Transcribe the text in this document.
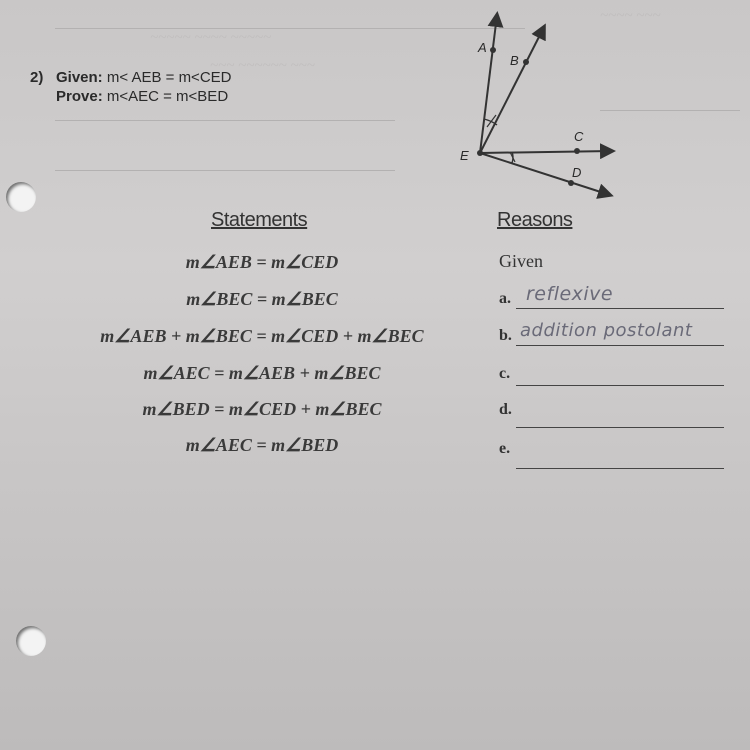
~~~~~ ~~~~ ~~~~~
~~~ ~~~~~~ ~~~
~~~~ ~~~
2) Given: m< AEB = m<CED
Prove: m<AEC = m<BED
A
B
C
D
E
Statements	Reasons
m∠AEB = m∠CED
m∠BEC = m∠BEC
m∠AEB + m∠BEC = m∠CED + m∠BEC
m∠AEC = m∠AEB + m∠BEC
m∠BED = m∠CED + m∠BEC
m∠AEC = m∠BED
Given
a. reflexive
b. addition postolant
c.
d.
e.
